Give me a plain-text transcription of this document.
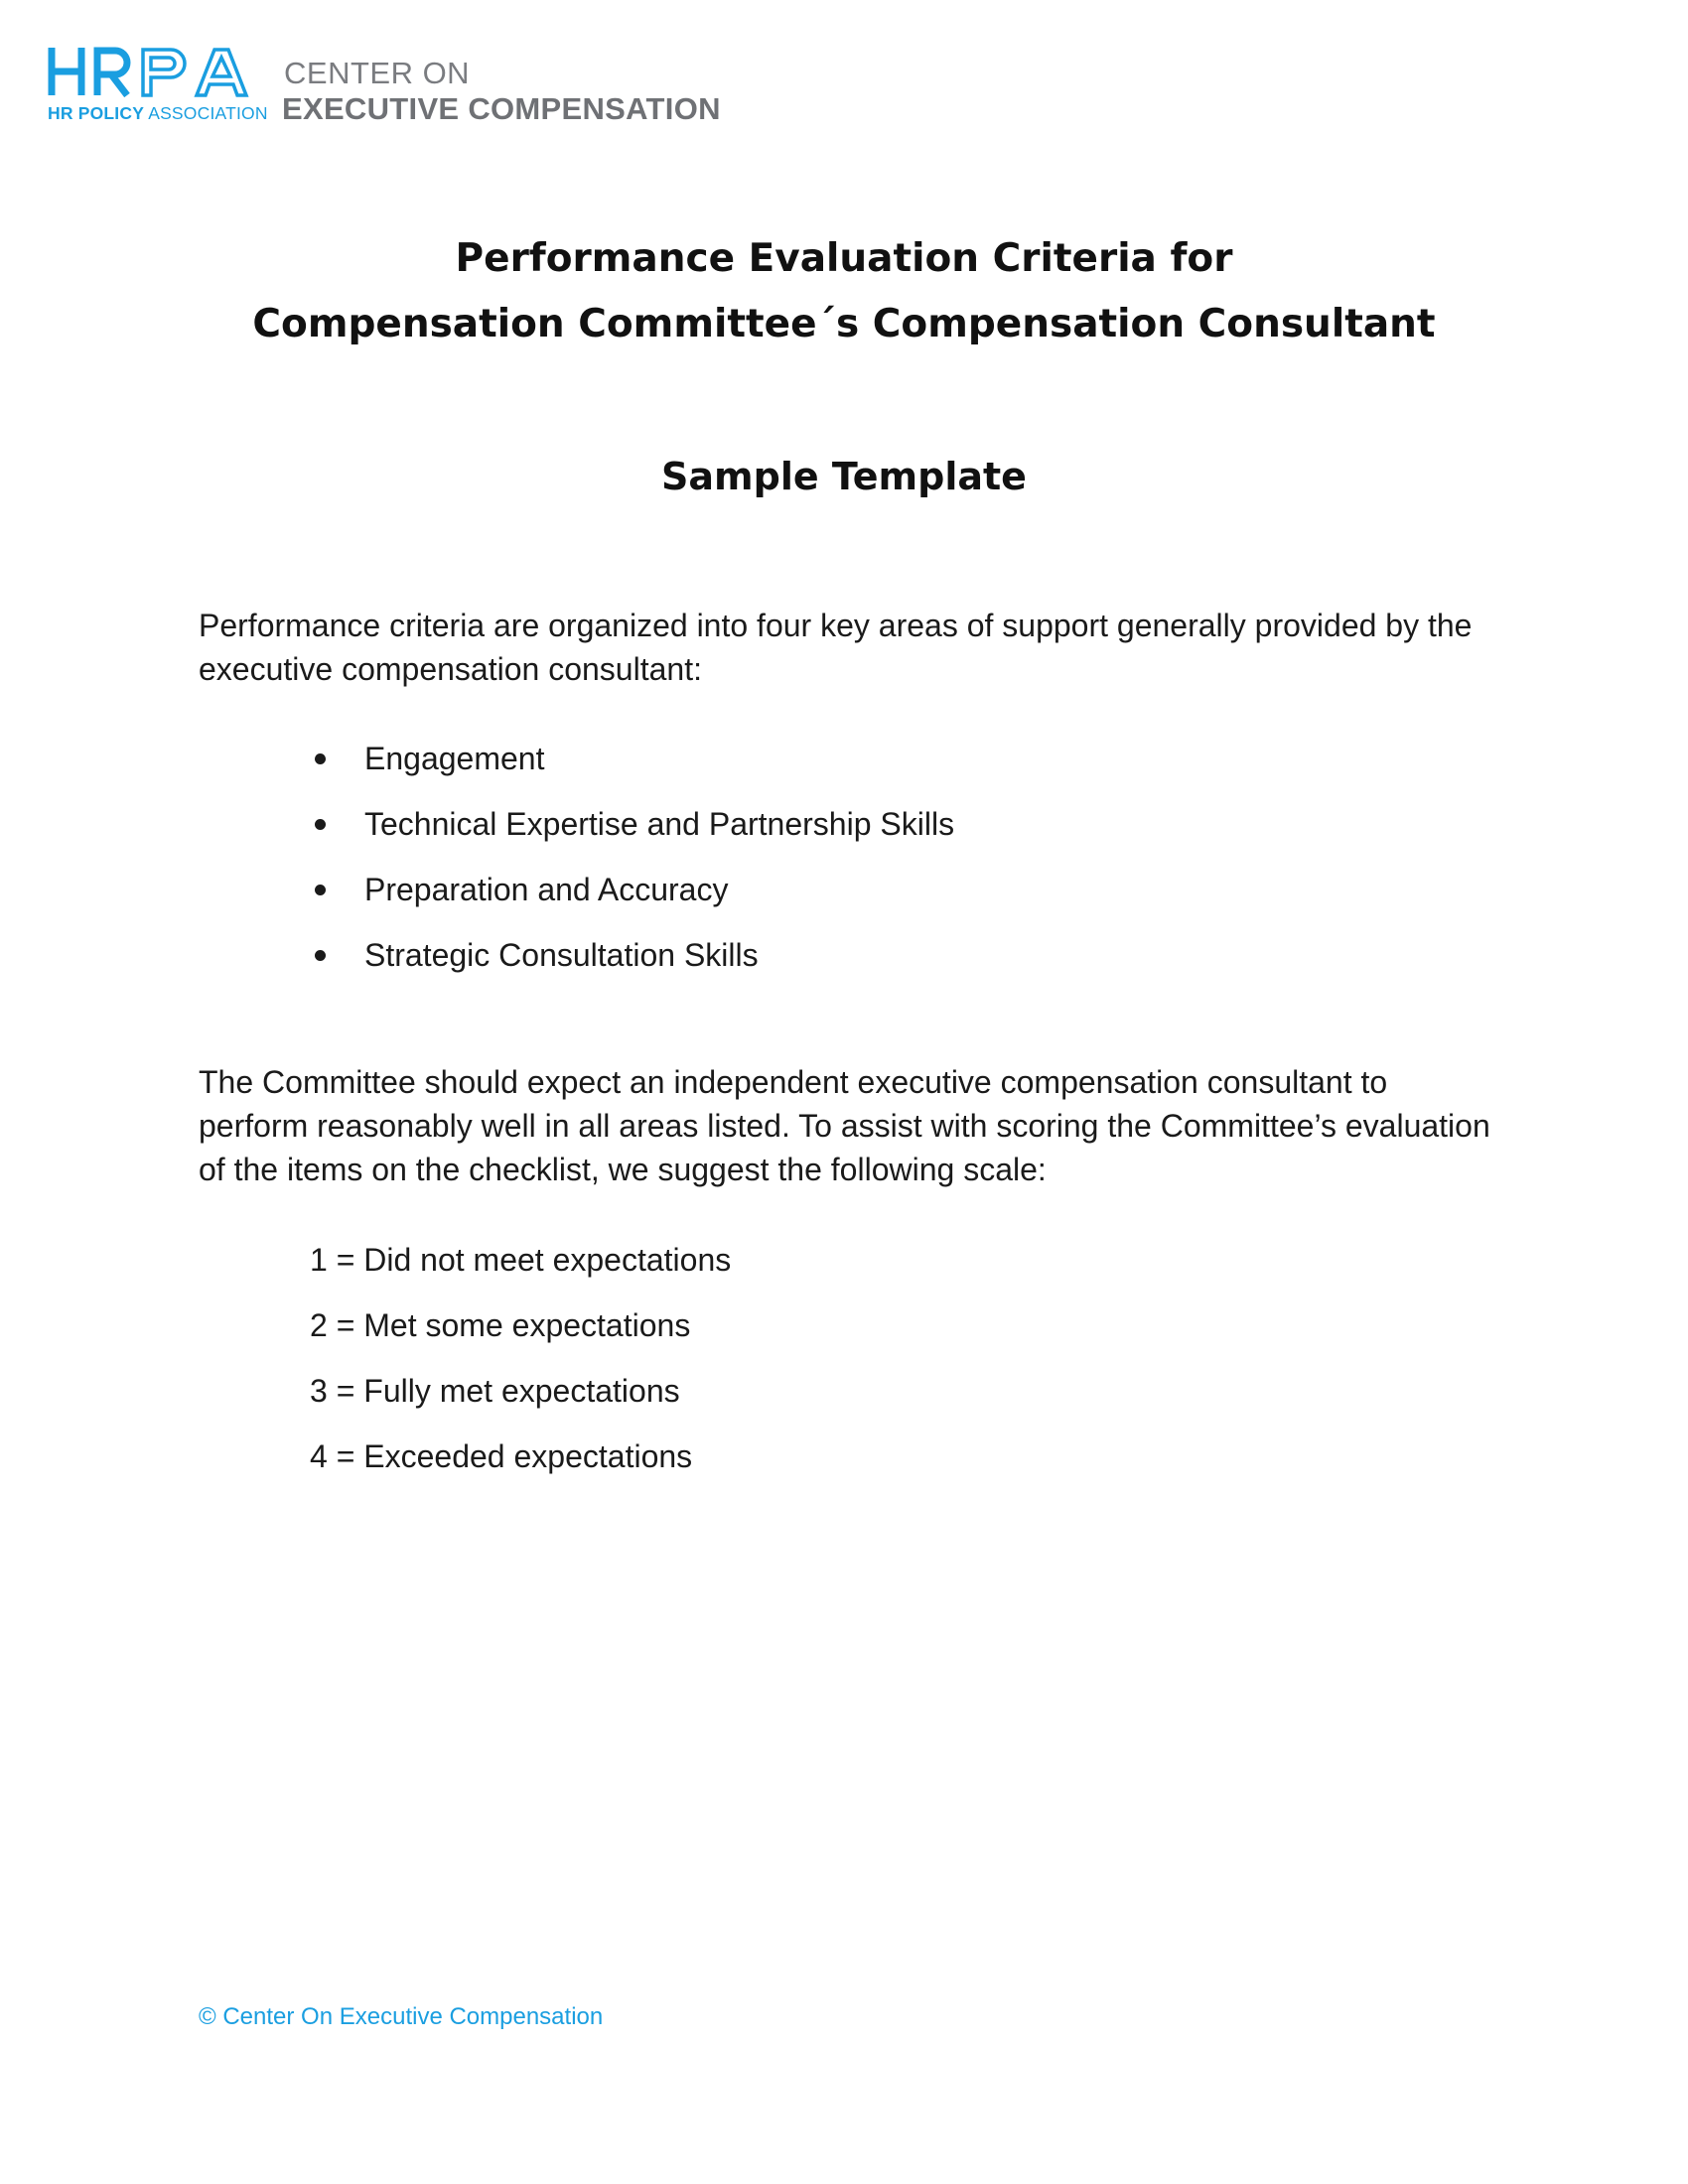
HR POLICY ASSOCIATION
CENTER ON
EXECUTIVE COMPENSATION
Performance Evaluation Criteria for
Compensation Committee´s Compensation Consultant
Sample Template
Performance criteria are organized into four key areas of support generally provided by the executive compensation consultant:
Engagement
Technical Expertise and Partnership Skills
Preparation and Accuracy
Strategic Consultation Skills
The Committee should expect an independent executive compensation consultant to perform reasonably well in all areas listed. To assist with scoring the Committee’s evaluation of the items on the checklist, we suggest the following scale:
1 = Did not meet expectations
2 = Met some expectations
3 = Fully met expectations
4 = Exceeded expectations
© Center On Executive Compensation
